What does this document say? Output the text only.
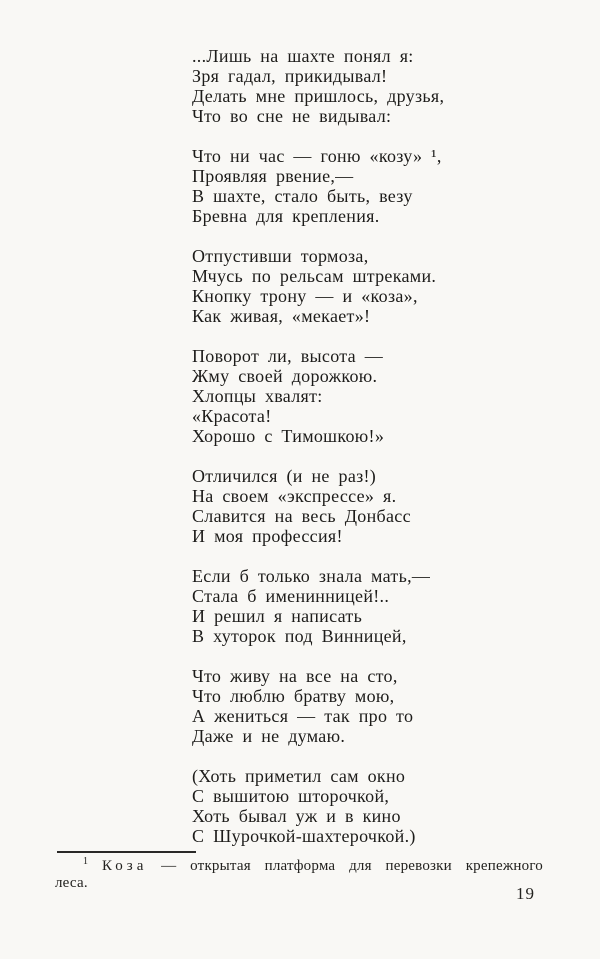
...Лишь на шахте понял я:
Зря гадал, прикидывал!
Делать мне пришлось, друзья,
Что во сне не видывал:
Что ни час — гоню «козу» ¹,
Проявляя рвение,—
В шахте, стало быть, везу
Бревна для крепления.
Отпустивши тормоза,
Мчусь по рельсам штреками.
Кнопку трону — и «коза»,
Как живая, «мекает»!
Поворот ли, высота —
Жму своей дорожкою.
Хлопцы хвалят:
«Красота!
Хорошо с Тимошкою!»
Отличился (и не раз!)
На своем «экспрессе» я.
Славится на весь Донбасс
И моя профессия!
Если б только знала мать,—
Стала б именинницей!..
И решил я написать
В хуторок под Винницей,
Что живу на все на сто,
Что люблю братву мою,
А жениться — так про то
Даже и не думаю.
(Хоть приметил сам окно
С вышитою шторочкой,
Хоть бывал уж и в кино
С Шурочкой-шахтерочкой.)
$^1$ Коза — открытая платформа для перевозки крепежного
леса.
19
